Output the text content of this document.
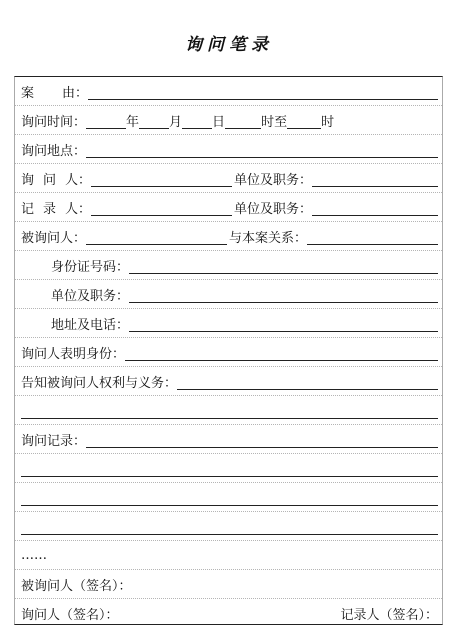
询问笔录
案 由：
询问时间：	年 月 日	时至	时
询问地点：
询 问 人：	单位及职务：
记 录 人：	单位及职务：
被询问人：	与本案关系：
身份证号码：
单位及职务：
地址及电话：
询问人表明身份：
告知被询问人权利与义务：
询问记录：
……
被询问人（签名）：
询问人（签名）：	记录人（签名）：
